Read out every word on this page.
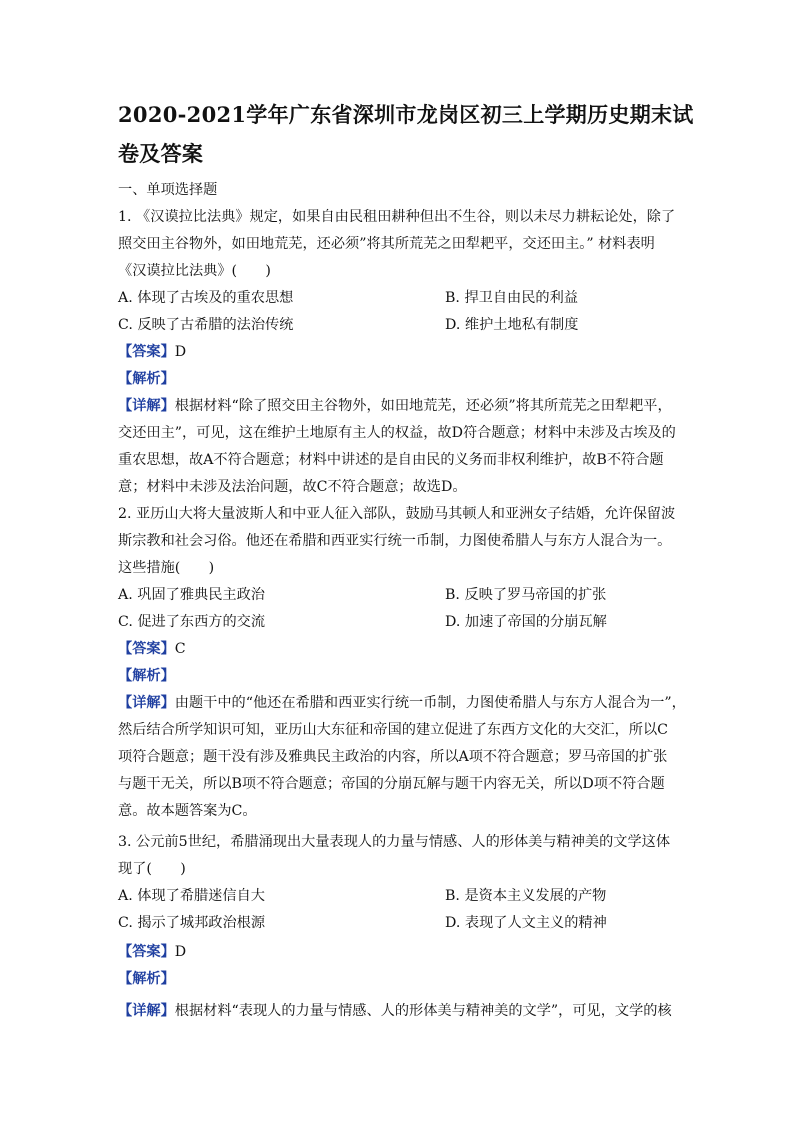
2020-2021学年广东省深圳市龙岗区初三上学期历史期末试
卷及答案
一、单项选择题
1. 《汉谟拉比法典》规定，如果自由民租田耕种但出不生谷，则以未尽力耕耘论处，除了
照交田主谷物外，如田地荒芜，还必须”将其所荒芜之田犁耙平，交还田主。” 材料表明
《汉谟拉比法典》(　　)
A. 体现了古埃及的重农思想	B. 捍卫自由民的利益
C. 反映了古希腊的法治传统	D. 维护土地私有制度
【答案】D
【解析】
【详解】根据材料“除了照交田主谷物外，如田地荒芜，还必须”将其所荒芜之田犁耙平，
交还田主”，可见，这在维护土地原有主人的权益，故D符合题意；材料中未涉及古埃及的
重农思想，故A不符合题意；材料中讲述的是自由民的义务而非权利维护，故B不符合题
意；材料中未涉及法治问题，故C不符合题意；故选D。
2. 亚历山大将大量波斯人和中亚人征入部队，鼓励马其顿人和亚洲女子结婚，允许保留波
斯宗教和社会习俗。他还在希腊和西亚实行统一币制，力图使希腊人与东方人混合为一。
这些措施(　　)
A. 巩固了雅典民主政治	B. 反映了罗马帝国的扩张
C. 促进了东西方的交流	D. 加速了帝国的分崩瓦解
【答案】C
【解析】
【详解】由题干中的“他还在希腊和西亚实行统一币制，力图使希腊人与东方人混合为一”，
然后结合所学知识可知，亚历山大东征和帝国的建立促进了东西方文化的大交汇，所以C
项符合题意；题干没有涉及雅典民主政治的内容，所以A项不符合题意；罗马帝国的扩张
与题干无关，所以B项不符合题意；帝国的分崩瓦解与题干内容无关，所以D项不符合题
意。故本题答案为C。
3. 公元前5世纪，希腊涌现出大量表现人的力量与情感、人的形体美与精神美的文学这体
现了(　　)
A. 体现了希腊迷信自大	B. 是资本主义发展的产物
C. 揭示了城邦政治根源	D. 表现了人文主义的精神
【答案】D
【解析】
【详解】根据材料“表现人的力量与情感、人的形体美与精神美的文学”，可见，文学的核
